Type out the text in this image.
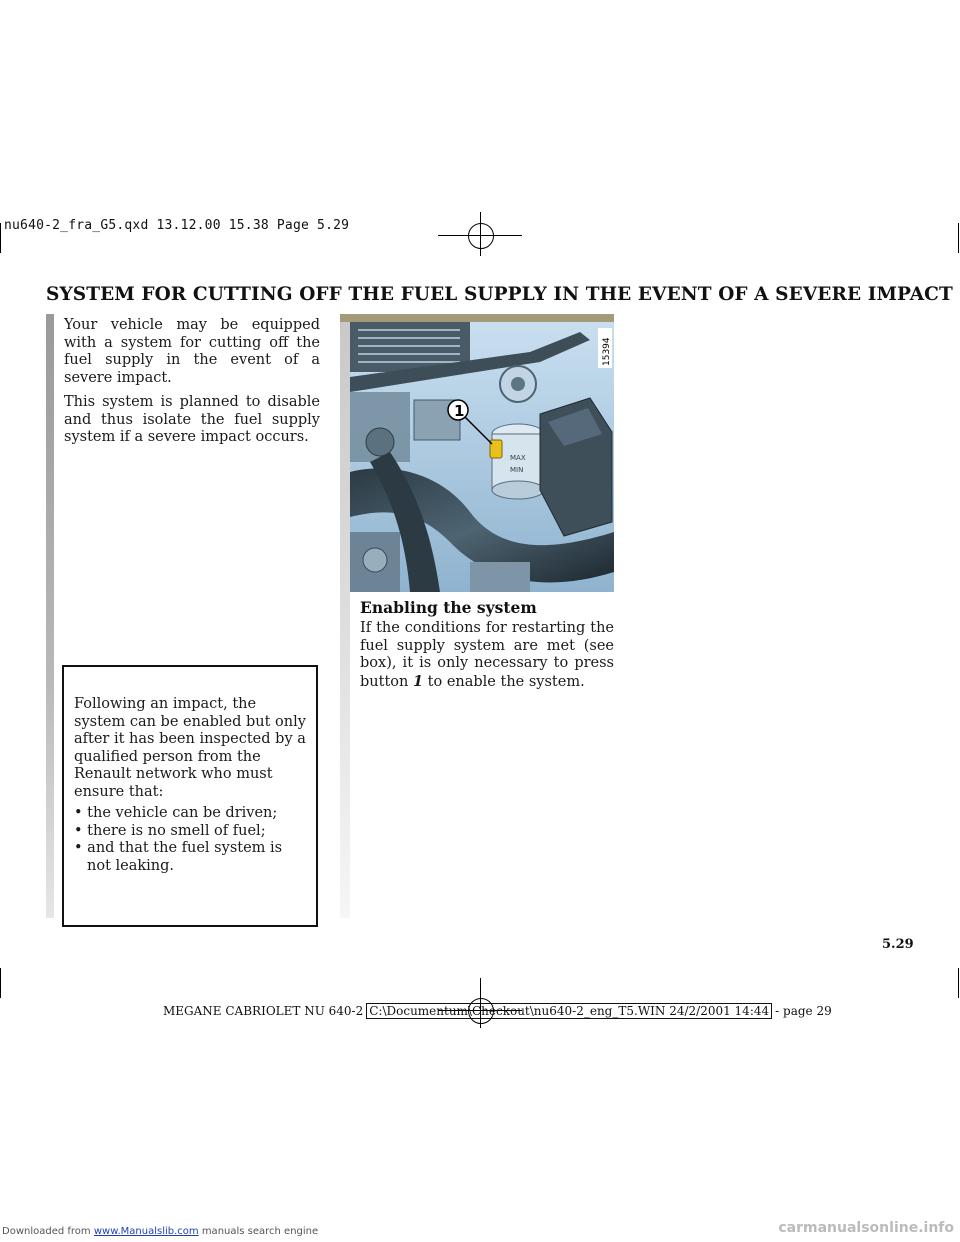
nu640-2_fra_G5.qxd 13.12.00 15.38 Page 5.29
SYSTEM FOR CUTTING OFF THE FUEL SUPPLY IN THE EVENT OF A SEVERE IMPACT

Your vehicle may be equipped with a system for cutting off the fuel supply in the event of a severe impact.

This system is planned to disable and thus isolate the fuel supply system if a severe impact occurs.

MAX
MIN
1
15394
Enabling the system

If the conditions for restarting the fuel supply system are met (see box), it is only necessary to press button 1 to enable the system.

Following an impact, the system can be enabled but only after it has been inspected by a qualified person from the Renault network who must ensure that:

• the vehicle can be driven;
• there is no smell of fuel;
• and that the fuel system is not leaking.
5.29
MEGANE CABRIOLET NU 640-2 C:\Documentum\Checkout\nu640-2_eng_T5.WIN 24/2/2001 14:44 - page 29
Downloaded from www.Manualslib.com manuals search engine	carmanualsonline.info
